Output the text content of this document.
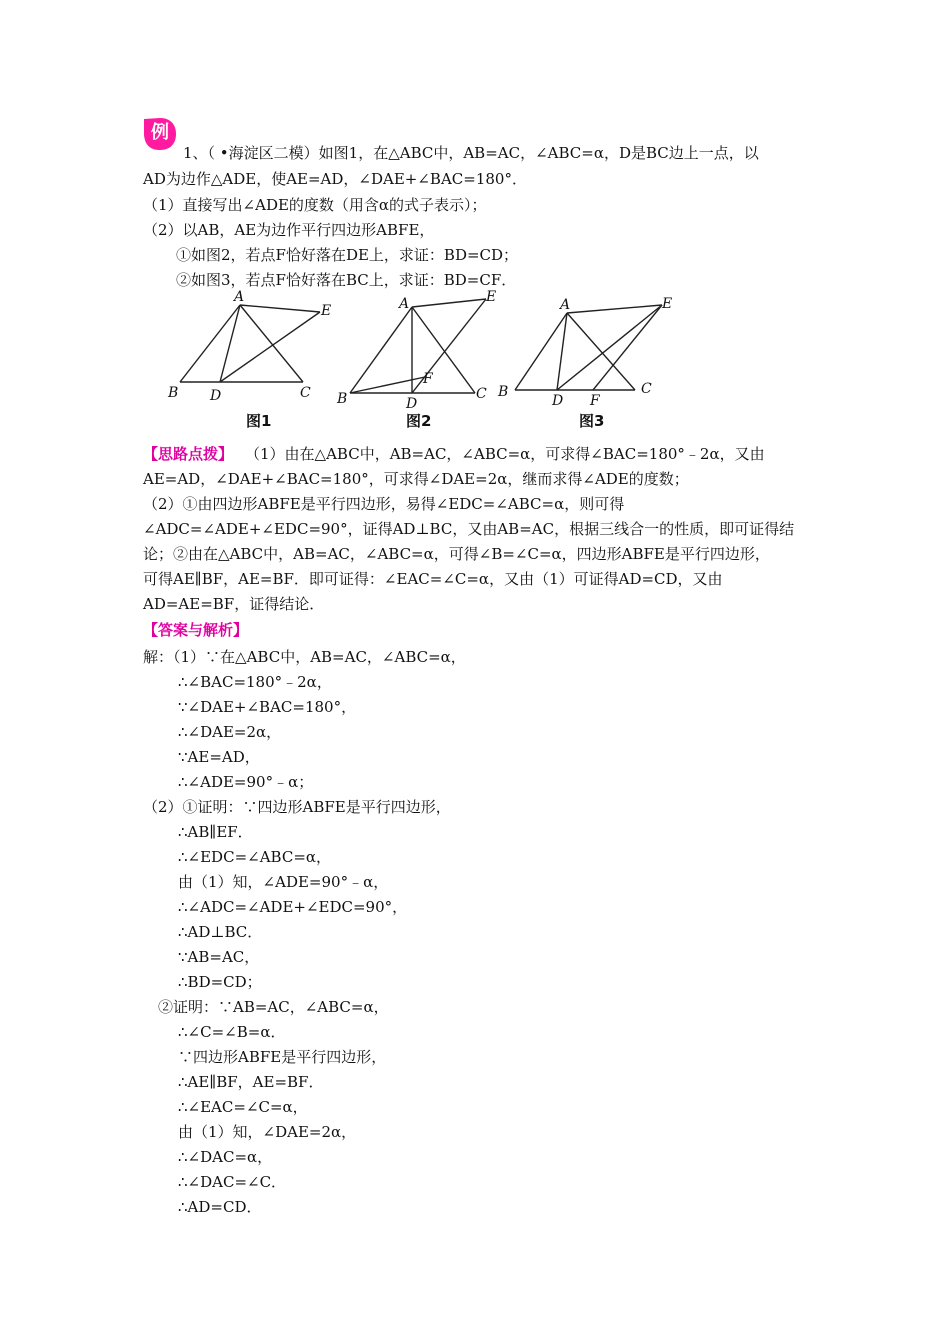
例
1、（ •海淀区二模）如图1，在△ABC中，AB=AC，∠ABC=α，D是BC边上一点，以
AD为边作△ADE，使AE=AD，∠DAE+∠BAC=180°．
（1）直接写出∠ADE的度数（用含α的式子表示）；
（2）以AB，AE为边作平行四边形ABFE，
①如图2，若点F恰好落在DE上，求证：BD=CD；
②如图3，若点F恰好落在BC上，求证：BD=CF．
A
B	C
D
E	A
B	C
D
E
F
A
B	C
D
E
F
图1	图2	图3
【思路点拨】 （1）由在△ABC中，AB=AC，∠ABC=α，可求得∠BAC=180°﹣2α，又由
AE=AD，∠DAE+∠BAC=180°，可求得∠DAE=2α，继而求得∠ADE的度数；
（2）①由四边形ABFE是平行四边形，易得∠EDC=∠ABC=α，则可得
∠ADC=∠ADE+∠EDC=90°，证得AD⊥BC，又由AB=AC，根据三线合一的性质，即可证得结
论；②由在△ABC中，AB=AC，∠ABC=α，可得∠B=∠C=α，四边形ABFE是平行四边形，
可得AE∥BF，AE=BF．即可证得：∠EAC=∠C=α，又由（1）可证得AD=CD，又由
AD=AE=BF，证得结论．
【答案与解析】
解：（1）∵在△ABC中，AB=AC，∠ABC=α，
∴∠BAC=180°﹣2α，
∵∠DAE+∠BAC=180°，
∴∠DAE=2α，
∵AE=AD，
∴∠ADE=90°﹣α；
（2）①证明：∵四边形ABFE是平行四边形，
∴AB∥EF．
∴∠EDC=∠ABC=α，
由（1）知，∠ADE=90°﹣α，
∴∠ADC=∠ADE+∠EDC=90°，
∴AD⊥BC．
∵AB=AC，
∴BD=CD；
②证明：∵AB=AC，∠ABC=α，
∴∠C=∠B=α．
∵四边形ABFE是平行四边形，
∴AE∥BF，AE=BF．
∴∠EAC=∠C=α，
由（1）知，∠DAE=2α，
∴∠DAC=α，
∴∠DAC=∠C．
∴AD=CD．
